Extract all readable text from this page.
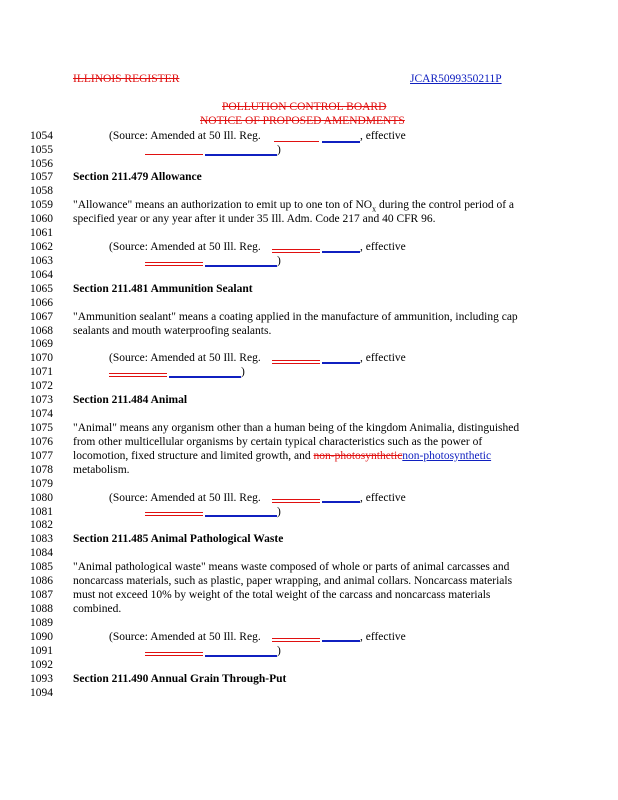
ILLINOIS REGISTER	JCAR5099350211P
POLLUTION CONTROL BOARD
NOTICE OF PROPOSED AMENDMENTS
1054
1055
1056
1057
1058
1059
1060
1061
1062
1063
1064
1065
1066
1067
1068
1069
1070
1071
1072
1073
1074
1075
1076
1077
1078
1079
1080
1081
1082
1083
1084
1085
1086
1087
1088
1089
1090
1091
1092
1093
1094
(Source: Amended at 50 Ill. Reg.	, effective
)
Section 211.479 Allowance
"Allowance" means an authorization to emit up to one ton of $NO_x$ during the control period of a
specified year or any year after it under 35 Ill. Adm. Code 217 and 40 CFR 96.
(Source: Amended at 50 Ill. Reg.	, effective
)
Section 211.481 Ammunition Sealant
"Ammunition sealant" means a coating applied in the manufacture of ammunition, including cap
sealants and mouth waterproofing sealants.
(Source: Amended at 50 Ill. Reg.	, effective
)
Section 211.484 Animal
"Animal" means any organism other than a human being of the kingdom Animalia, distinguished
from other multicellular organisms by certain typical characteristics such as the power of
locomotion, fixed structure and limited growth, and non-photosyntheticnon-photosynthetic
metabolism.
(Source: Amended at 50 Ill. Reg.	, effective
)
Section 211.485 Animal Pathological Waste
"Animal pathological waste" means waste composed of whole or parts of animal carcasses and
noncarcass materials, such as plastic, paper wrapping, and animal collars. Noncarcass materials
must not exceed 10% by weight of the total weight of the carcass and noncarcass materials
combined.
(Source: Amended at 50 Ill. Reg.	, effective
)
Section 211.490 Annual Grain Through-Put
